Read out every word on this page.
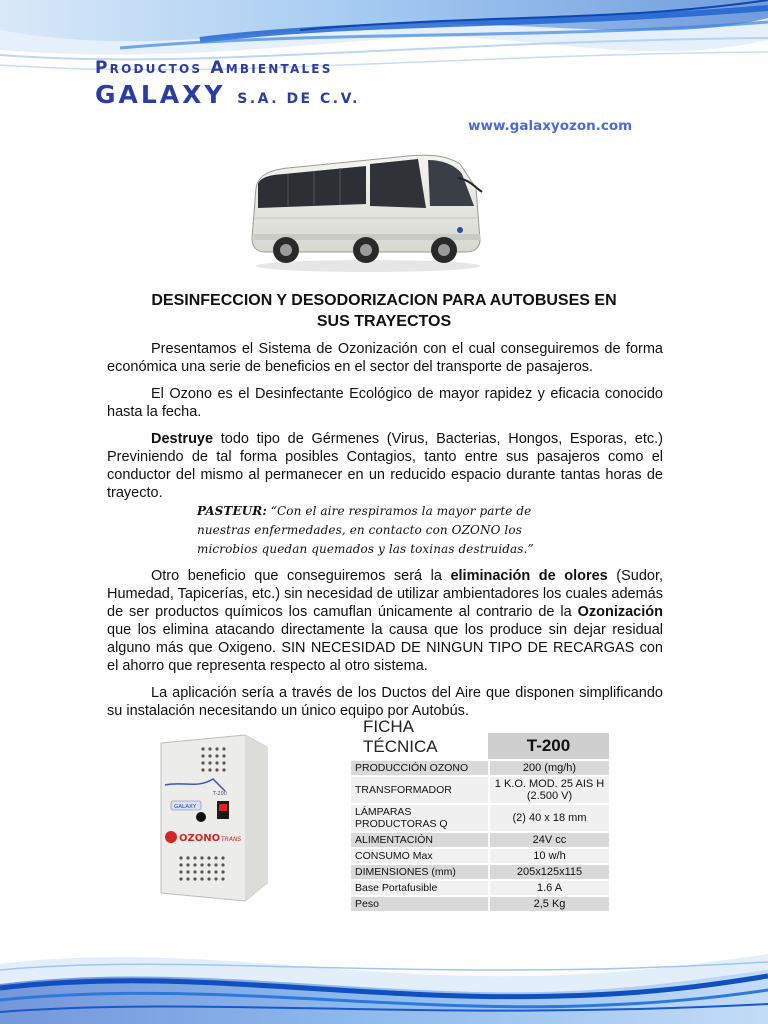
Productos Ambientales
GALAXY S.A. DE C.V.
www.galaxyozon.com
DESINFECCION Y DESODORIZACION PARA AUTOBUSES EN
SUS TRAYECTOS

Presentamos el Sistema de Ozonización con el cual conseguiremos de forma económica una serie de beneficios en el sector del transporte de pasajeros.

El Ozono es el Desinfectante Ecológico de mayor rapidez y eficacia conocido hasta la fecha.

Destruye todo tipo de Gérmenes (Virus, Bacterias, Hongos, Esporas, etc.) Previniendo de tal forma posibles Contagios, tanto entre sus pasajeros como el conductor del mismo al permanecer en un reducido espacio durante tantas horas de trayecto.

PASTEUR: “Con el aire respiramos la mayor parte de nuestras enfermedades, en contacto con OZONO los microbios quedan quemados y las toxinas destruidas.”

Otro beneficio que conseguiremos será la eliminación de olores (Sudor, Humedad, Tapicerías, etc.) sin necesidad de utilizar ambientadores los cuales además de ser productos químicos los camuflan únicamente al contrario de la Ozonización que los elimina atacando directamente la causa que los produce sin dejar residual alguno más que Oxigeno. SIN NECESIDAD DE NINGUN TIPO DE RECARGAS con el ahorro que representa respecto al otro sistema.

La aplicación sería a través de los Ductos del Aire que disponen simplificando su instalación necesitando un único equipo por Autobús.

T-200
GALAXY
OZONO TRANS
FICHA TÉCNICA	T-200
PRODUCCIÓN OZONO	200 (mg/h)
TRANSFORMADOR	1 K.O. MOD. 25 AIS H (2.500 V)
LÁMPARAS PRODUCTORAS Q	(2) 40 x 18 mm
ALIMENTACIÓN	24V cc
CONSUMO Max	10 w/h
DIMENSIONES (mm)	205x125x115
Base Portafusible	1.6 A
Peso	2,5 Kg
